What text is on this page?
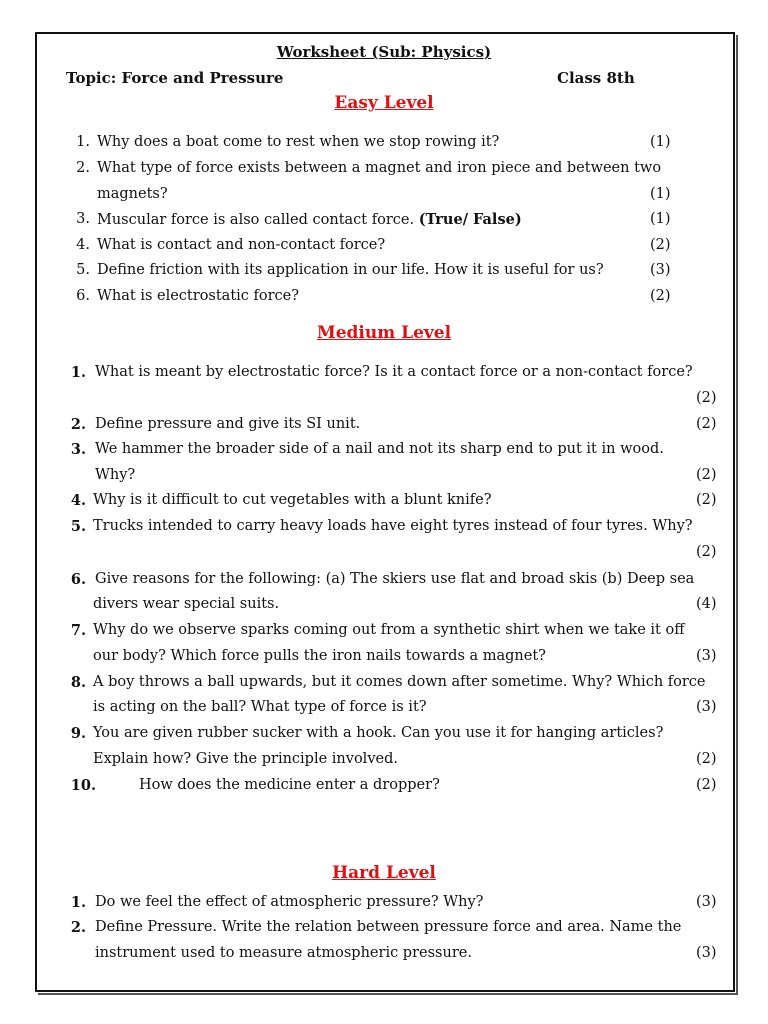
Worksheet (Sub: Physics)
Topic: Force and Pressure	Class 8th
Easy Level
1. Why does a boat come to rest when we stop rowing it?	(1)
2. What type of force exists between a magnet and iron piece and between two
magnets?	(1)
3. Muscular force is also called contact force. (True/ False)	(1)
4. What is contact and non-contact force?	(2)
5. Define friction with its application in our life. How it is useful for us?	(3)
6. What is electrostatic force?	(2)
Medium Level
1. What is meant by electrostatic force? Is it a contact force or a non-contact force?
(2)
2. Define pressure and give its SI unit.	(2)
3. We hammer the broader side of a nail and not its sharp end to put it in wood.
Why?	(2)
4. Why is it difficult to cut vegetables with a blunt knife?	(2)
5. Trucks intended to carry heavy loads have eight tyres instead of four tyres. Why?
(2)
6. Give reasons for the following: (a) The skiers use flat and broad skis (b) Deep sea
divers wear special suits.	(4)
7. Why do we observe sparks coming out from a synthetic shirt when we take it off
our body? Which force pulls the iron nails towards a magnet?	(3)
8. A boy throws a ball upwards, but it comes down after sometime. Why? Which force
is acting on the ball? What type of force is it?	(3)
9. You are given rubber sucker with a hook. Can you use it for hanging articles?
Explain how? Give the principle involved.	(2)
10.	How does the medicine enter a dropper?	(2)
Hard Level
1. Do we feel the effect of atmospheric pressure? Why?	(3)
2. Define Pressure. Write the relation between pressure force and area. Name the
instrument used to measure atmospheric pressure.	(3)
